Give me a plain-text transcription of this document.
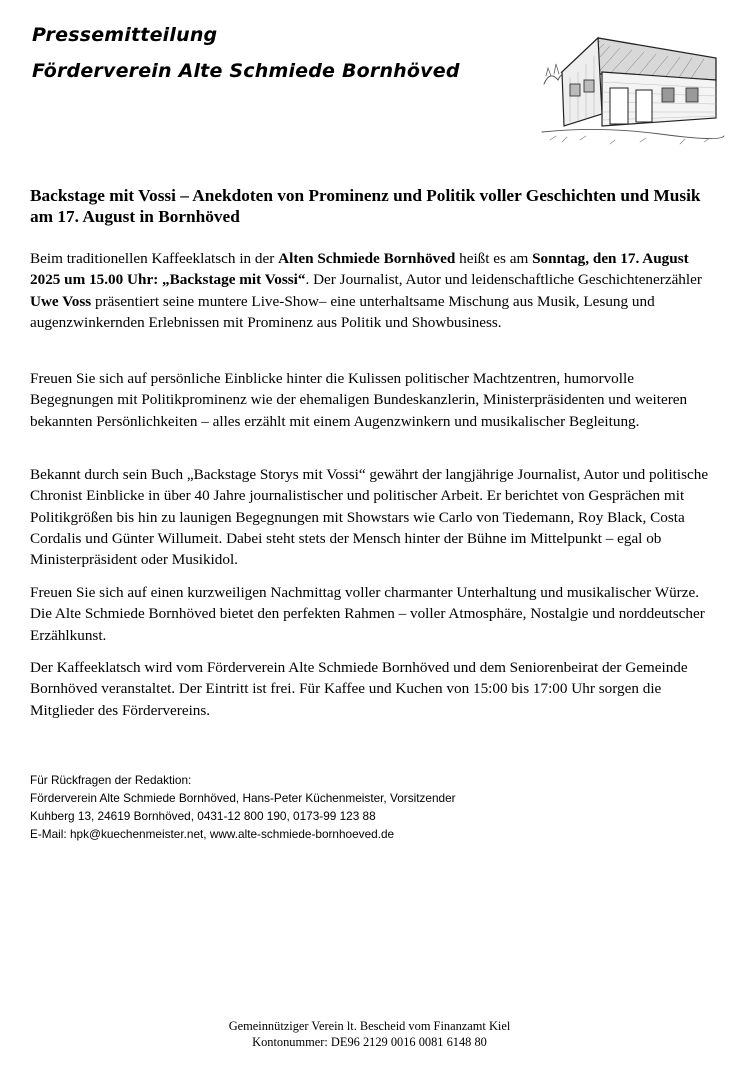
Pressemitteilung
Förderverein Alte Schmiede Bornhöved
Backstage mit Vossi – Anekdoten von Prominenz und Politik voller Geschichten und Musik am 17. August in Bornhöved
Beim traditionellen Kaffeeklatsch in der Alten Schmiede Bornhöved heißt es am Sonntag, den 17. August 2025 um 15.00 Uhr: „Backstage mit Vossi“. Der Journalist, Autor und leidenschaftliche Geschichtenerzähler Uwe Voss präsentiert seine muntere Live-Show– eine unterhaltsame Mischung aus Musik, Lesung und augenzwinkernden Erlebnissen mit Prominenz aus Politik und Showbusiness.
Freuen Sie sich auf persönliche Einblicke hinter die Kulissen politischer Machtzentren, humorvolle Begegnungen mit Politikprominenz wie der ehemaligen Bundeskanzlerin, Ministerpräsidenten und weiteren bekannten Persönlichkeiten – alles erzählt mit einem Augenzwinkern und musikalischer Begleitung.
Bekannt durch sein Buch „Backstage Storys mit Vossi“ gewährt der langjährige Journalist, Autor und politische Chronist Einblicke in über 40 Jahre journalistischer und politischer Arbeit. Er berichtet von Gesprächen mit Politikgrößen bis hin zu launigen Begegnungen mit Showstars wie Carlo von Tiedemann, Roy Black, Costa Cordalis und Günter Willumeit. Dabei steht stets der Mensch hinter der Bühne im Mittelpunkt – egal ob Ministerpräsident oder Musikidol.
Freuen Sie sich auf einen kurzweiligen Nachmittag voller charmanter Unterhaltung und musikalischer Würze. Die Alte Schmiede Bornhöved bietet den perfekten Rahmen – voller Atmosphäre, Nostalgie und norddeutscher Erzählkunst.
Der Kaffeeklatsch wird vom Förderverein Alte Schmiede Bornhöved und dem Seniorenbeirat der Gemeinde Bornhöved veranstaltet. Der Eintritt ist frei. Für Kaffee und Kuchen von 15:00 bis 17:00 Uhr sorgen die Mitglieder des Fördervereins.
Für Rückfragen der Redaktion:
Förderverein Alte Schmiede Bornhöved, Hans-Peter Küchenmeister, Vorsitzender
Kuhberg 13, 24619 Bornhöved, 0431-12 800 190, 0173-99 123 88
E-Mail: hpk@kuechenmeister.net, www.alte-schmiede-bornhoeved.de
Gemeinnütziger Verein lt. Bescheid vom Finanzamt Kiel
Kontonummer: DE96 2129 0016 0081 6148 80
